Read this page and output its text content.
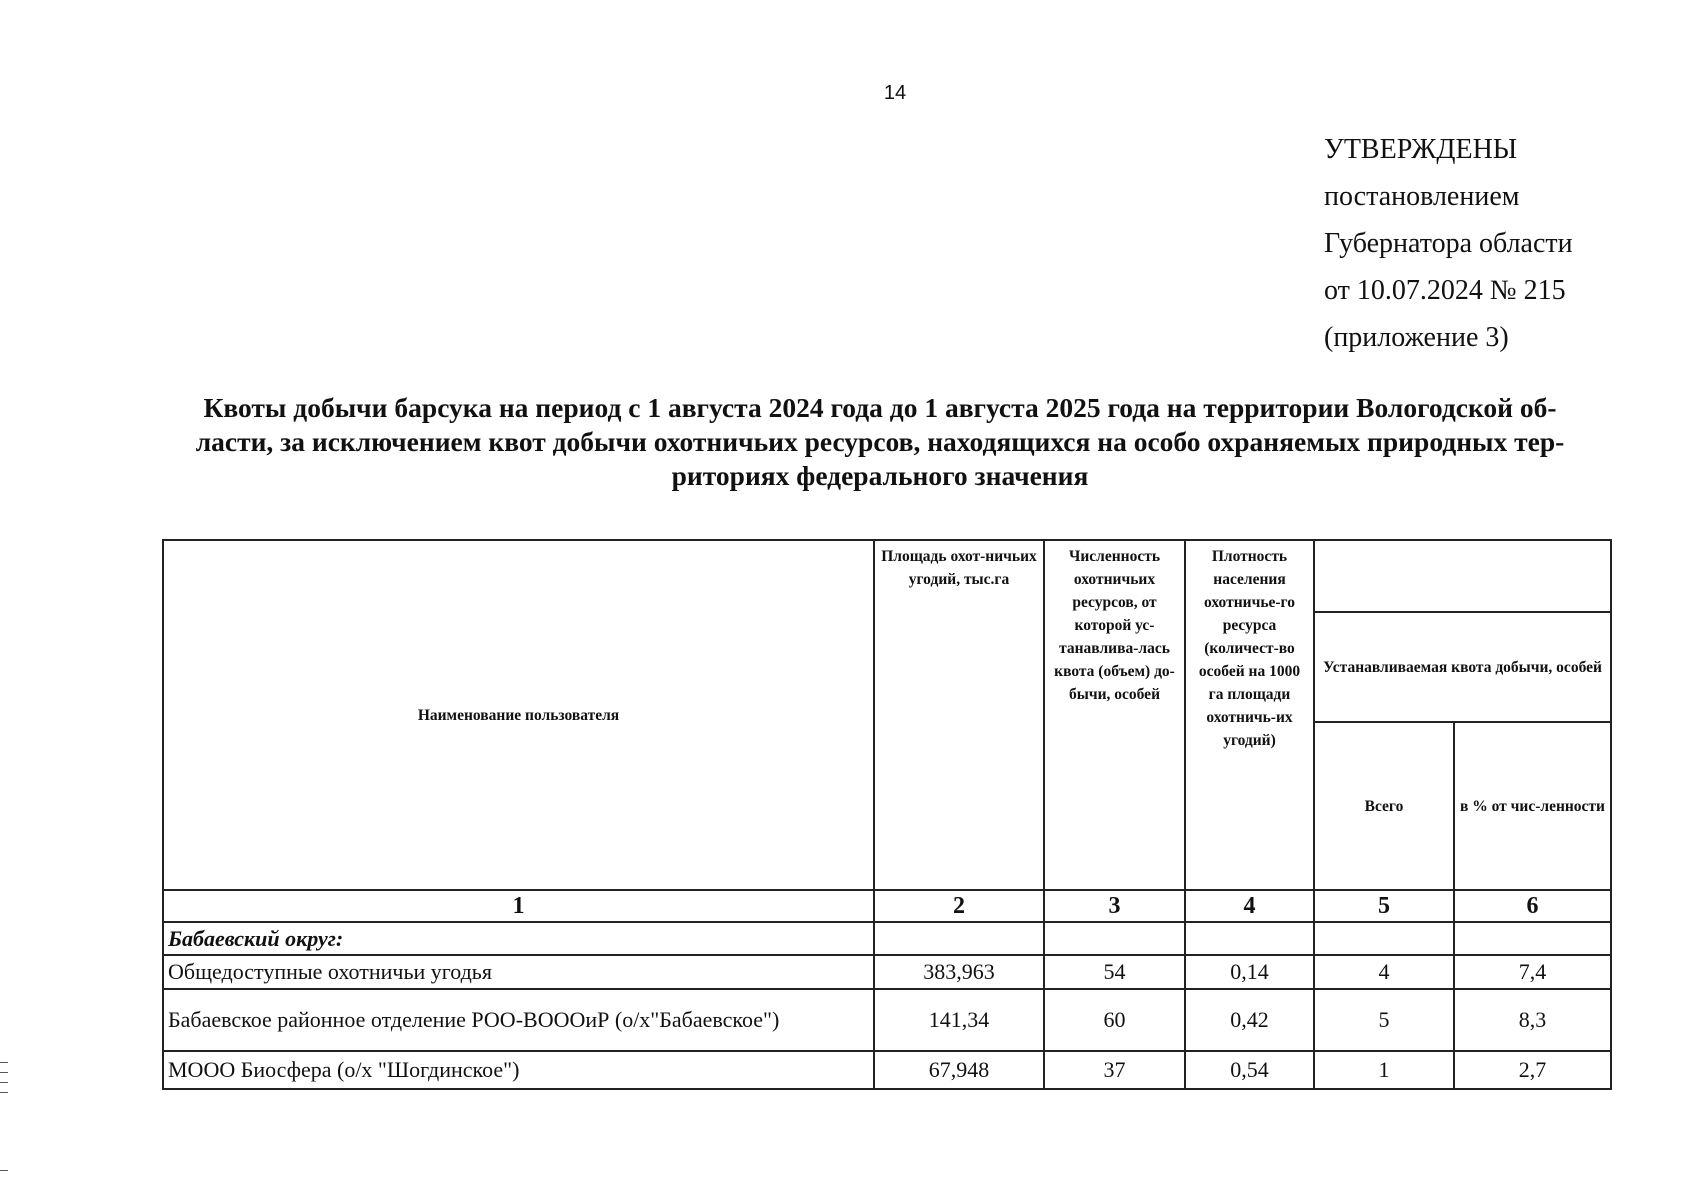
14
УТВЕРЖДЕНЫ
постановлением
Губернатора области
от 10.07.2024 № 215
(приложение 3)
Квоты добычи барсука на период с 1 августа 2024 года до 1 августа 2025 года на территории Вологодской об-
ласти, за исключением квот добычи охотничьих ресурсов, находящихся на особо охраняемых природных тер-
риториях федерального значения
Наименование пользователя	Площадь охот-ничьих угодий, тыс.га	Численность охотничьих ресурсов, от которой ус-танавлива-лась квота (объем) до-бычи, особей	Плотность населения охотничье-го ресурса (количест-во особей на 1000 га площади охотничь-их угодий)		
				Устанавливаемая квота добычи, особей	
				Всего	в % от чис-ленности
1	2	3	4	5	6
Бабаевский округ:					
Общедоступные охотничьи угодья	383,963	54	0,14	4	7,4
Бабаевское районное отделение РОО-ВОООиР (о/х"Бабаевское")	141,34	60	0,42	5	8,3
МООО Биосфера (о/х "Шогдинское")	67,948	37	0,54	1	2,7
